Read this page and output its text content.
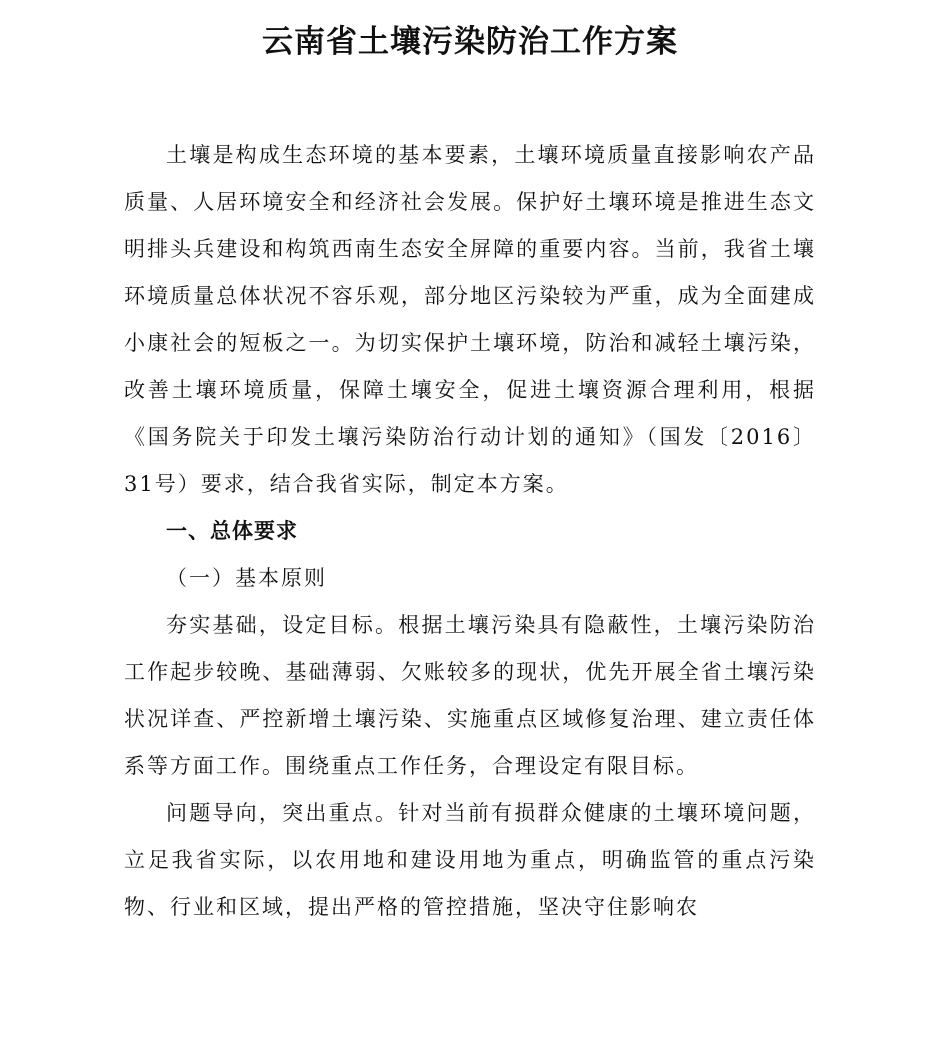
云南省土壤污染防治工作方案

土壤是构成生态环境的基本要素，土壤环境质量直接影响农产品质量、人居环境安全和经济社会发展。保护好土壤环境是推进生态文明排头兵建设和构筑西南生态安全屏障的重要内容。当前，我省土壤环境质量总体状况不容乐观，部分地区污染较为严重，成为全面建成小康社会的短板之一。为切实保护土壤环境，防治和减轻土壤污染，改善土壤环境质量，保障土壤安全，促进土壤资源合理利用，根据《国务院关于印发土壤污染防治行动计划的通知》（国发〔2016〕31号）要求，结合我省实际，制定本方案。

一、总体要求

（一）基本原则

夯实基础，设定目标。根据土壤污染具有隐蔽性，土壤污染防治工作起步较晚、基础薄弱、欠账较多的现状，优先开展全省土壤污染状况详查、严控新增土壤污染、实施重点区域修复治理、建立责任体系等方面工作。围绕重点工作任务，合理设定有限目标。

问题导向，突出重点。针对当前有损群众健康的土壤环境问题，立足我省实际，以农用地和建设用地为重点，明确监管的重点污染物、行业和区域，提出严格的管控措施，坚决守住影响农
